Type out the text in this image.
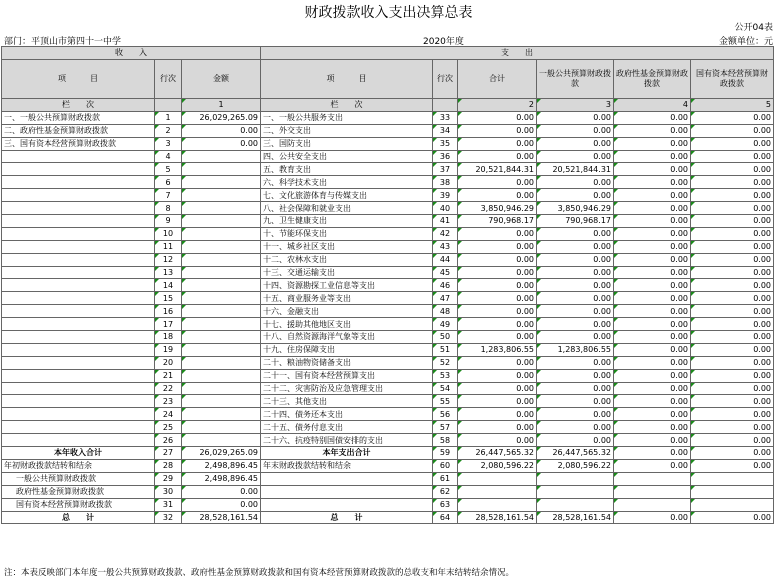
财政拨款收入支出决算总表
公开04表
部门：平顶山市第四十一中学	2020年度	金额单位：元
收　　入			支　　出					
项　　　目	行次	金额	项　　　目	行次	合计	一般公共预算财政拨款	政府性基金预算财政拨款	国有资本经营预算财政拨款
栏　　次		1	栏　　次		2	3	4	5
一、一般公共预算财政拨款	1	26,029,265.09	一、一般公共服务支出	33	0.00	0.00	0.00	0.00
二、政府性基金预算财政拨款	2	0.00	二、外交支出	34	0.00	0.00	0.00	0.00
三、国有资本经营预算财政拨款	3	0.00	三、国防支出	35	0.00	0.00	0.00	0.00
	4		四、公共安全支出	36	0.00	0.00	0.00	0.00
	5		五、教育支出	37	20,521,844.31	20,521,844.31	0.00	0.00
	6		六、科学技术支出	38	0.00	0.00	0.00	0.00
	7		七、文化旅游体育与传媒支出	39	0.00	0.00	0.00	0.00
	8		八、社会保障和就业支出	40	3,850,946.29	3,850,946.29	0.00	0.00
	9		九、卫生健康支出	41	790,968.17	790,968.17	0.00	0.00
	10		十、节能环保支出	42	0.00	0.00	0.00	0.00
	11		十一、城乡社区支出	43	0.00	0.00	0.00	0.00
	12		十二、农林水支出	44	0.00	0.00	0.00	0.00
	13		十三、交通运输支出	45	0.00	0.00	0.00	0.00
	14		十四、资源勘探工业信息等支出	46	0.00	0.00	0.00	0.00
	15		十五、商业服务业等支出	47	0.00	0.00	0.00	0.00
	16		十六、金融支出	48	0.00	0.00	0.00	0.00
	17		十七、援助其他地区支出	49	0.00	0.00	0.00	0.00
	18		十八、自然资源海洋气象等支出	50	0.00	0.00	0.00	0.00
	19		十九、住房保障支出	51	1,283,806.55	1,283,806.55	0.00	0.00
	20		二十、粮油物资储备支出	52	0.00	0.00	0.00	0.00
	21		二十一、国有资本经营预算支出	53	0.00	0.00	0.00	0.00
	22		二十二、灾害防治及应急管理支出	54	0.00	0.00	0.00	0.00
	23		二十三、其他支出	55	0.00	0.00	0.00	0.00
	24		二十四、债务还本支出	56	0.00	0.00	0.00	0.00
	25		二十五、债务付息支出	57	0.00	0.00	0.00	0.00
	26		二十六、抗疫特别国债安排的支出	58	0.00	0.00	0.00	0.00
本年收入合计	27	26,029,265.09	本年支出合计	59	26,447,565.32	26,447,565.32	0.00	0.00
年初财政拨款结转和结余	28	2,498,896.45	年末财政拨款结转和结余	60	2,080,596.22	2,080,596.22	0.00	0.00
一般公共预算财政拨款	29	2,498,896.45		61				
政府性基金预算财政拨款	30	0.00		62				
国有资本经营预算财政拨款	31	0.00		63				
总　　计	32	28,528,161.54	总　　计	64	28,528,161.54	28,528,161.54	0.00	0.00
注：本表反映部门本年度一般公共预算财政拨款、政府性基金预算财政拨款和国有资本经营预算财政拨款的总收支和年末结转结余情况。
